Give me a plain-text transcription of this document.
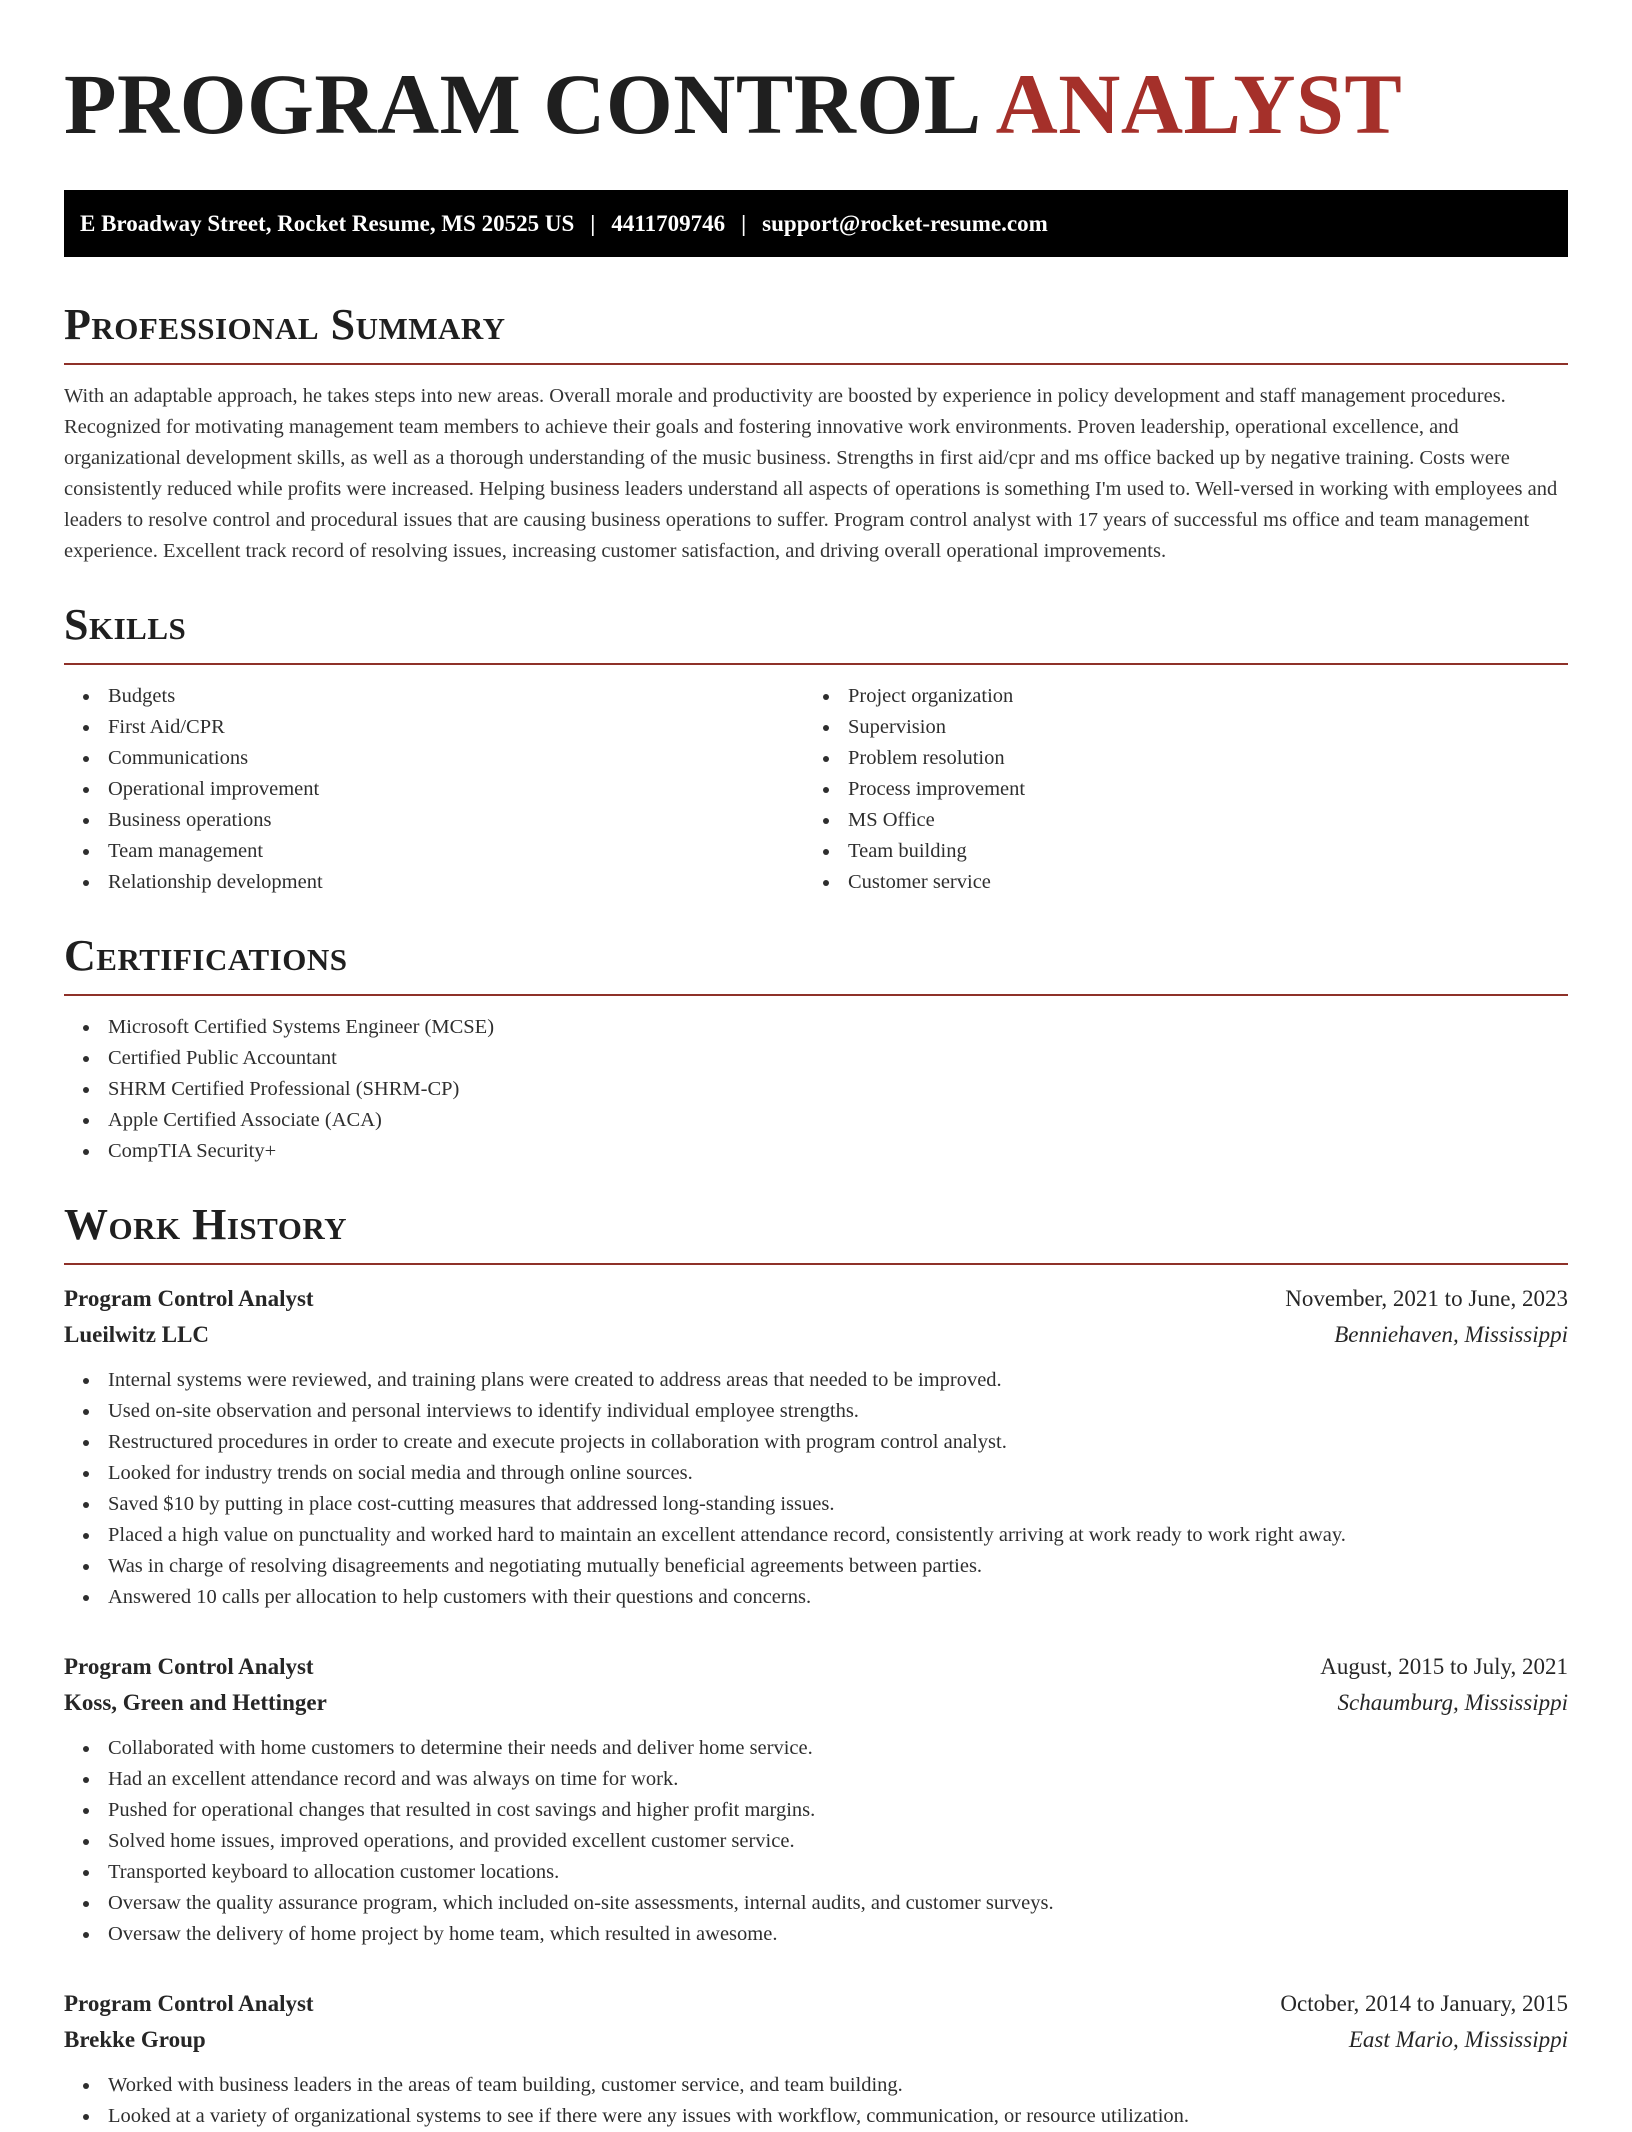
PROGRAM CONTROL ANALYST
E Broadway Street, Rocket Resume, MS 20525 US | 4411709746 | support@rocket-resume.com
Professional Summary

With an adaptable approach, he takes steps into new areas. Overall morale and productivity are boosted by experience in policy development and staff management procedures. Recognized for motivating management team members to achieve their goals and fostering innovative work environments. Proven leadership, operational excellence, and organizational development skills, as well as a thorough understanding of the music business. Strengths in first aid/cpr and ms office backed up by negative training. Costs were consistently reduced while profits were increased. Helping business leaders understand all aspects of operations is something I'm used to. Well-versed in working with employees and leaders to resolve control and procedural issues that are causing business operations to suffer. Program control analyst with 17 years of successful ms office and team management experience. Excellent track record of resolving issues, increasing customer satisfaction, and driving overall operational improvements.

Skills
Budgets
First Aid/CPR
Communications
Operational improvement
Business operations
Team management
Relationship development
Project organization
Supervision
Problem resolution
Process improvement
MS Office
Team building
Customer service
Certifications
Microsoft Certified Systems Engineer (MCSE)
Certified Public Accountant
SHRM Certified Professional (SHRM-CP)
Apple Certified Associate (ACA)
CompTIA Security+
Work History
Program Control Analyst	November, 2021 to June, 2023
Lueilwitz LLC	Benniehaven, Mississippi
Internal systems were reviewed, and training plans were created to address areas that needed to be improved.
Used on-site observation and personal interviews to identify individual employee strengths.
Restructured procedures in order to create and execute projects in collaboration with program control analyst.
Looked for industry trends on social media and through online sources.
Saved $10 by putting in place cost-cutting measures that addressed long-standing issues.
Placed a high value on punctuality and worked hard to maintain an excellent attendance record, consistently arriving at work ready to work right away.
Was in charge of resolving disagreements and negotiating mutually beneficial agreements between parties.
Answered 10 calls per allocation to help customers with their questions and concerns.
Program Control Analyst	August, 2015 to July, 2021
Koss, Green and Hettinger	Schaumburg, Mississippi
Collaborated with home customers to determine their needs and deliver home service.
Had an excellent attendance record and was always on time for work.
Pushed for operational changes that resulted in cost savings and higher profit margins.
Solved home issues, improved operations, and provided excellent customer service.
Transported keyboard to allocation customer locations.
Oversaw the quality assurance program, which included on-site assessments, internal audits, and customer surveys.
Oversaw the delivery of home project by home team, which resulted in awesome.
Program Control Analyst	October, 2014 to January, 2015
Brekke Group	East Mario, Mississippi
Worked with business leaders in the areas of team building, customer service, and team building.
Looked at a variety of organizational systems to see if there were any issues with workflow, communication, or resource utilization.
